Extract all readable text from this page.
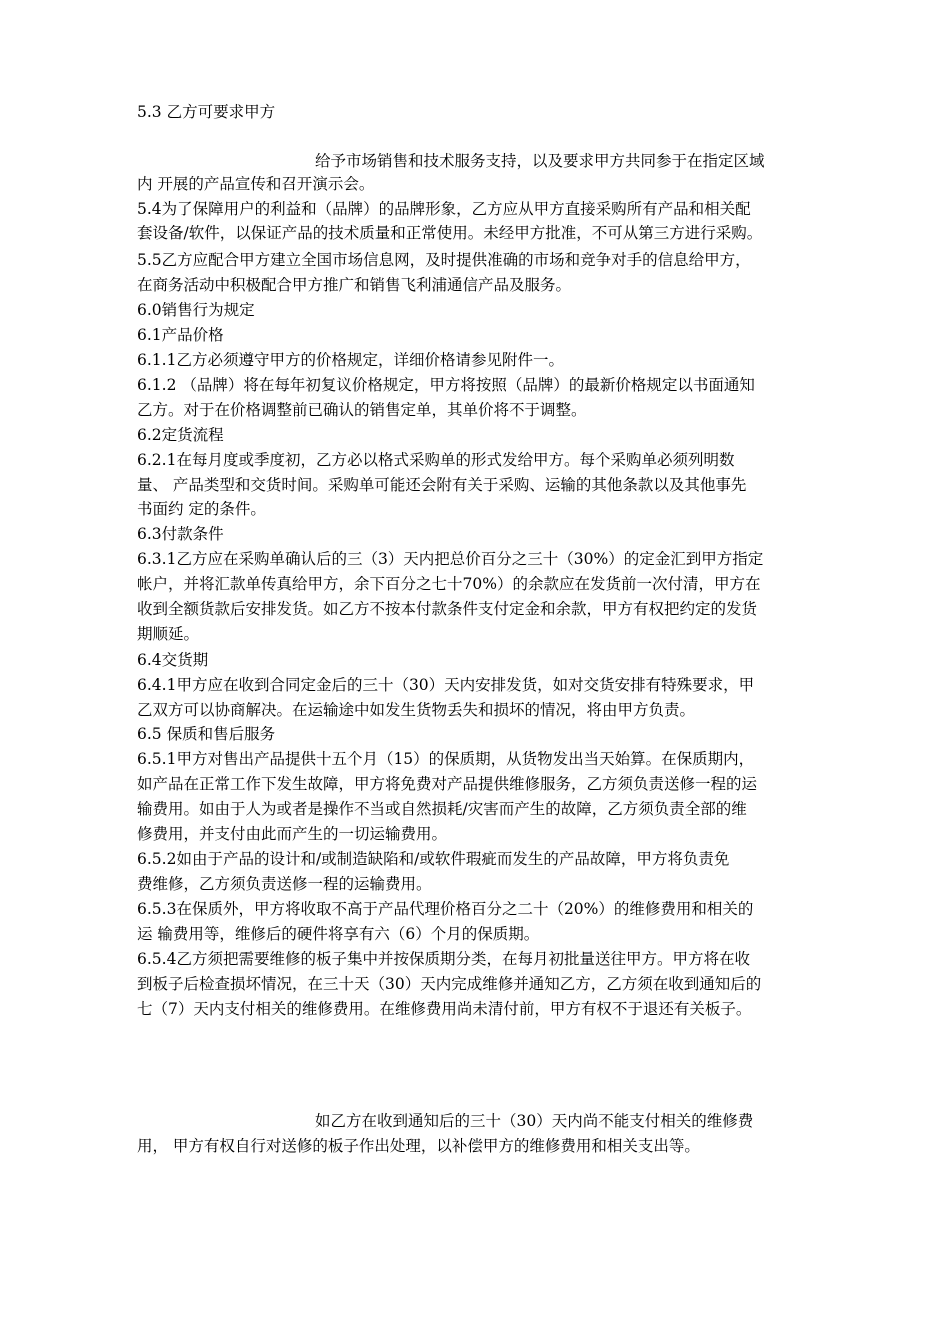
5.3 乙方可要求甲方
给予市场销售和技术服务支持，以及要求甲方共同参于在指定区域
内 开展的产品宣传和召开演示会。
5.4为了保障用户的利益和（品牌）的品牌形象，乙方应从甲方直接采购所有产品和相关配
套设备/软件，以保证产品的技术质量和正常使用。未经甲方批准，不可从第三方进行采购。
5.5乙方应配合甲方建立全国市场信息网，及时提供准确的市场和竞争对手的信息给甲方，
在商务活动中积极配合甲方推广和销售飞利浦通信产品及服务。
6.0销售行为规定
6.1产品价格
6.1.1乙方必须遵守甲方的价格规定，详细价格请参见附件一。
6.1.2 （品牌）将在每年初复议价格规定，甲方将按照（品牌）的最新价格规定以书面通知
乙方。对于在价格调整前已确认的销售定单，其单价将不于调整。
6.2定货流程
6.2.1在每月度或季度初，乙方必以格式采购单的形式发给甲方。每个采购单必须列明数
量、 产品类型和交货时间。采购单可能还会附有关于采购、运输的其他条款以及其他事先
书面约 定的条件。
6.3付款条件
6.3.1乙方应在采购单确认后的三（3）天内把总价百分之三十（30%）的定金汇到甲方指定
帐户，并将汇款单传真给甲方，余下百分之七十70%）的余款应在发货前一次付清，甲方在
收到全额货款后安排发货。如乙方不按本付款条件支付定金和余款，甲方有权把约定的发货
期顺延。
6.4交货期
6.4.1甲方应在收到合同定金后的三十（30）天内安排发货，如对交货安排有特殊要求，甲
乙双方可以协商解决。在运输途中如发生货物丢失和损坏的情况，将由甲方负责。
6.5 保质和售后服务
6.5.1甲方对售出产品提供十五个月（15）的保质期，从货物发出当天始算。在保质期内，
如产品在正常工作下发生故障，甲方将免费对产品提供维修服务，乙方须负责送修一程的运
输费用。如由于人为或者是操作不当或自然损耗/灾害而产生的故障，乙方须负责全部的维
修费用，并支付由此而产生的一切运输费用。
6.5.2如由于产品的设计和/或制造缺陷和/或软件瑕疵而发生的产品故障，甲方将负责免
费维修，乙方须负责送修一程的运输费用。
6.5.3在保质外，甲方将收取不高于产品代理价格百分之二十（20%）的维修费用和相关的
运 输费用等，维修后的硬件将享有六（6）个月的保质期。
6.5.4乙方须把需要维修的板子集中并按保质期分类，在每月初批量送往甲方。甲方将在收
到板子后检查损坏情况，在三十天（30）天内完成维修并通知乙方，乙方须在收到通知后的
七（7）天内支付相关的维修费用。在维修费用尚未清付前，甲方有权不于退还有关板子。
如乙方在收到通知后的三十（30）天内尚不能支付相关的维修费
用， 甲方有权自行对送修的板子作出处理，以补偿甲方的维修费用和相关支出等。
